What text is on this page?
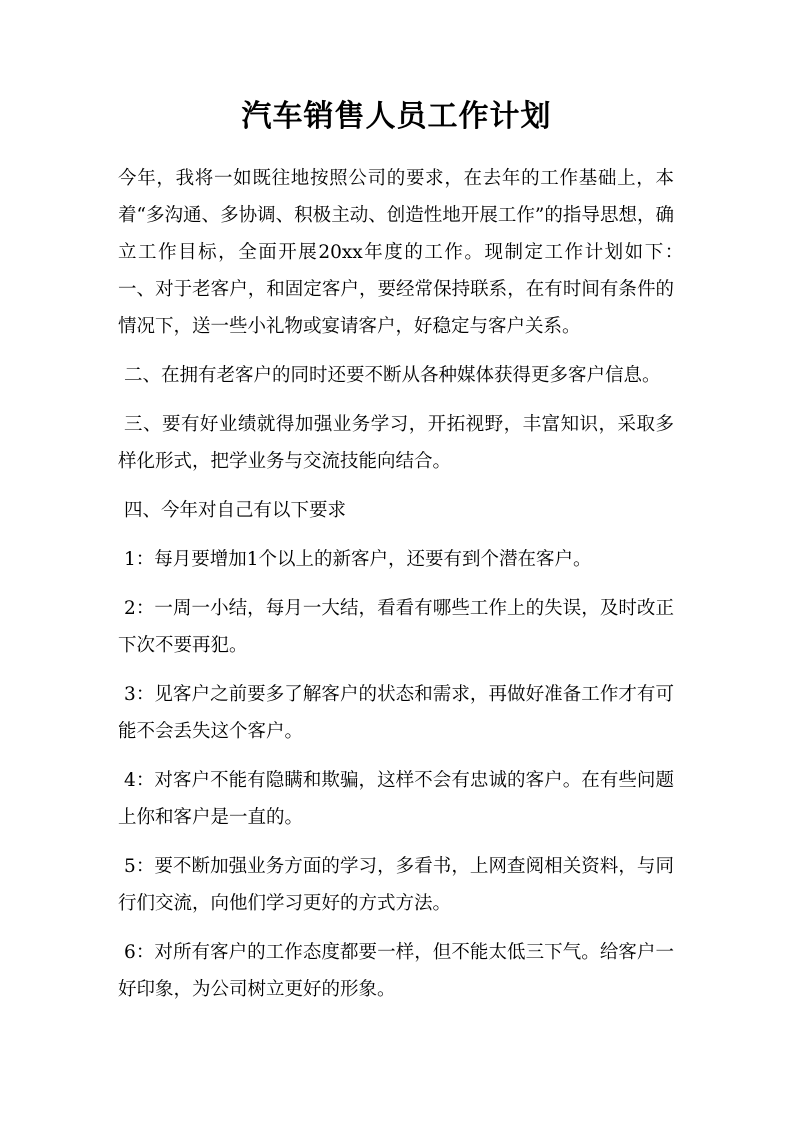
汽车销售人员工作计划

今年，我将一如既往地按照公司的要求，在去年的工作基础上，本着“多沟通、多协调、积极主动、创造性地开展工作”的指导思想，确立工作目标，全面开展20xx年度的工作。现制定工作计划如下：　一、对于老客户，和固定客户，要经常保持联系，在有时间有条件的情况下，送一些小礼物或宴请客户，好稳定与客户关系。

二、在拥有老客户的同时还要不断从各种媒体获得更多客户信息。

三、要有好业绩就得加强业务学习，开拓视野，丰富知识，采取多样化形式，把学业务与交流技能向结合。

四、今年对自己有以下要求

1：每月要增加1个以上的新客户，还要有到个潜在客户。

2：一周一小结，每月一大结，看看有哪些工作上的失误，及时改正下次不要再犯。

3：见客户之前要多了解客户的状态和需求，再做好准备工作才有可能不会丢失这个客户。

4：对客户不能有隐瞒和欺骗，这样不会有忠诚的客户。在有些问题上你和客户是一直的。

5：要不断加强业务方面的学习，多看书，上网查阅相关资料，与同行们交流，向他们学习更好的方式方法。

6：对所有客户的工作态度都要一样，但不能太低三下气。给客户一好印象，为公司树立更好的形象。
